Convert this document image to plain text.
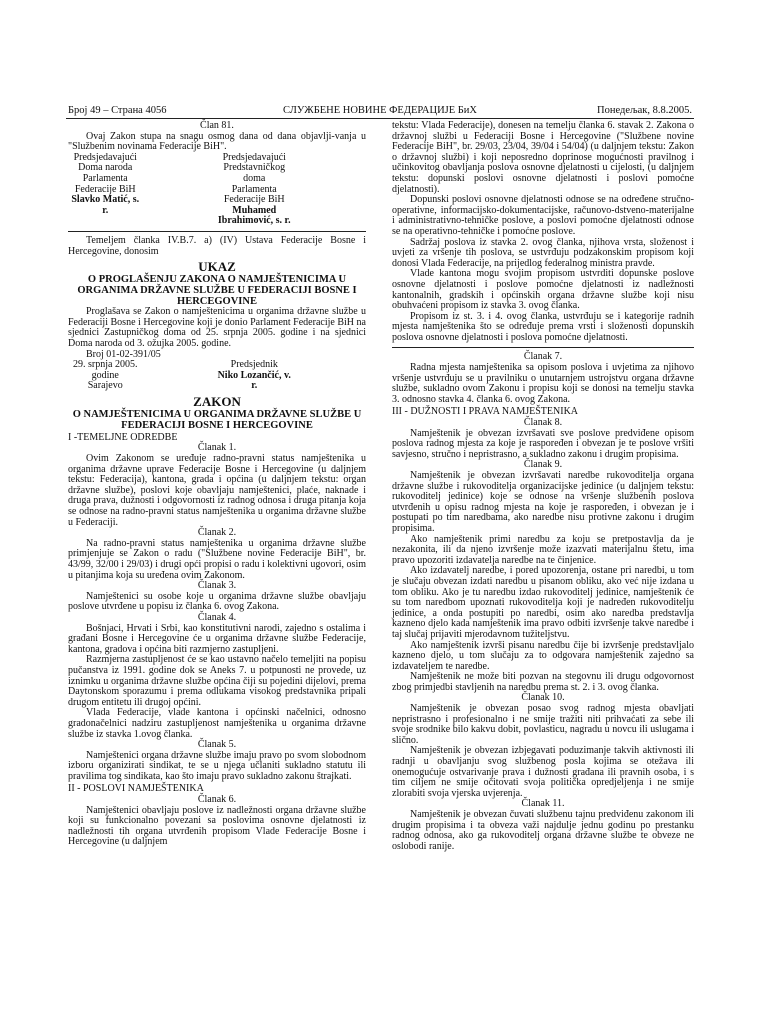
Број 49 – Страна 4056	СЛУЖБЕНЕ НОВИНЕ ФЕДЕРАЦИЈЕ БиХ	Понедељак, 8.8.2005.
Član 81.

Ovaj Zakon stupa na snagu osmog dana od dana objavlji-vanja u "Službenim novinama Federacije BiH".

Predsjedavajući
Doma naroda
Parlamenta Federacije BiH
Slavko Matić, s. r.
Predsjedavajući
Predstavničkog doma
Parlamenta Federacije BiH
Muhamed Ibrahimović, s. r.

Temeljem članka IV.B.7. a) (IV) Ustava Federacije Bosne i Hercegovine, donosim

UKAZ
O PROGLAŠENJU ZAKONA O NAMJEŠTENICIMA U ORGANIMA DRŽAVNE SLUŽBE U FEDERACIJI BOSNE I HERCEGOVINE

Proglašava se Zakon o namještenicima u organima državne službe u Federaciji Bosne i Hercegovine koji je donio Parlament Federacije BiH na sjednici Zastupničkog doma od 25. srpnja 2005. godine i na sjednici Doma naroda od 3. ožujka 2005. godine.

Broj 01-02-391/05
29. srpnja 2005. godine
Sarajevo
Predsjednik
Niko Lozančić, v. r.
ZAKON
O NAMJEŠTENICIMA U ORGANIMA DRŽAVNE SLUŽBE U FEDERACIJI BOSNE I HERCEGOVINE
I -TEMELJNE ODREDBE
Članak 1.

Ovim Zakonom se uređuje radno-pravni status namještenika u organima državne uprave Federacije Bosne i Hercegovine (u daljnjem tekstu: Federacija), kantona, grada i općina (u daljnjem tekstu: organ državne službe), poslovi koje obavljaju namještenici, plaće, naknade i druga prava, dužnosti i odgovornosti iz radnog odnosa i druga pitanja koja se odnose na radno-pravni status namještenika u organima državne službe u Federaciji.

Članak 2.

Na radno-pravni status namještenika u organima državne službe primjenjuje se Zakon o radu ("Službene novine Federacije BiH", br. 43/99, 32/00 i 29/03) i drugi opći propisi o radu i kolektivni ugovori, osim u pitanjima koja su uređena ovim Zakonom.

Članak 3.

Namještenici su osobe koje u organima državne službe obavljaju poslove utvrđene u popisu iz članka 6. ovog Zakona.

Članak 4.

Bošnjaci, Hrvati i Srbi, kao konstitutivni narodi, zajedno s ostalima i građani Bosne i Hercegovine će u organima državne službe Federacije, kantona, gradova i općina biti razmjerno zastupljeni.

Razmjerna zastupljenost će se kao ustavno načelo temeljiti na popisu pučanstva iz 1991. godine dok se Aneks 7. u potpunosti ne provede, uz iznimku u organima državne službe općina čiji su pojedini dijelovi, prema Daytonskom sporazumu i prema odlukama visokog predstavnika pripali drugom entitetu ili drugoj općini.

Vlada Federacije, vlade kantona i općinski načelnici, odnosno gradonačelnici nadziru zastupljenost namještenika u organima državne službe iz stavka 1.ovog članka.

Članak 5.

Namještenici organa državne službe imaju pravo po svom slobodnom izboru organizirati sindikat, te se u njega učlaniti sukladno statutu ili pravilima tog sindikata, kao što imaju pravo sukladno zakonu štrajkati.

II - POSLOVI NAMJEŠTENIKA
Članak 6.

Namještenici obavljaju poslove iz nadležnosti organa državne službe koji su funkcionalno povezani sa poslovima osnovne djelatnosti iz nadležnosti tih organa utvrđenih propisom Vlade Federacije Bosne i Hercegovine (u daljnjem

tekstu: Vlada Federacije), donesen na temelju članka 6. stavak 2. Zakona o državnoj službi u Federaciji Bosne i Hercegovine ("Službene novine Federacije BiH", br. 29/03, 23/04, 39/04 i 54/04) (u daljnjem tekstu: Zakon o državnoj službi) i koji neposredno doprinose mogućnosti pravilnog i učinkovitog obavljanja poslova osnovne djelatnosti u cijelosti, (u daljnjem tekstu: dopunski poslovi osnovne djelatnosti i poslovi pomoćne djelatnosti).

Dopunski poslovi osnovne djelatnosti odnose se na određene stručno-operativne, informacijsko-dokumentacijske, računovo-dstveno-materijalne i administrativno-tehničke poslove, a poslovi pomoćne djelatnosti odnose se na operativno-tehničke i pomoćne poslove.

Sadržaj poslova iz stavka 2. ovog članka, njihova vrsta, složenost i uvjeti za vršenje tih poslova, se ustvrđuju podzakonskim propisom koji donosi Vlada Federacije, na prijedlog federalnog ministra pravde.

Vlade kantona mogu svojim propisom ustvrditi dopunske poslove osnovne djelatnosti i poslove pomoćne djelatnosti iz nadležnosti kantonalnih, gradskih i općinskih organa državne službe koji nisu obuhvaćeni propisom iz stavka 3. ovog članka.

Propisom iz st. 3. i 4. ovog članka, ustvrđuju se i kategorije radnih mjesta namještenika što se određuje prema vrsti i složenosti dopunskih poslova osnovne djelatnosti i poslova pomoćne djelatnosti.

Članak 7.

Radna mjesta namještenika sa opisom poslova i uvjetima za njihovo vršenje ustvrđuju se u pravilniku o unutarnjem ustrojstvu organa državne službe, sukladno ovom Zakonu i propisu koji se donosi na temelju stavka 3. odnosno stavka 4. članka 6. ovog Zakona.

III - DUŽNOSTI I PRAVA NAMJEŠTENIKA
Članak 8.

Namještenik je obvezan izvršavati sve poslove predviđene opisom poslova radnog mjesta za koje je raspoređen i obvezan je te poslove vršiti savjesno, stručno i nepristrasno, a sukladno zakonu i drugim propisima.

Članak 9.

Namještenik je obvezan izvršavati naredbe rukovoditelja organa državne službe i rukovoditelja organizacijske jedinice (u daljnjem tekstu: rukovoditelj jedinice) koje se odnose na vršenje službenih poslova utvrđenih u opisu radnog mjesta na koje je raspoređen, i obvezan je i postupati po tim naredbama, ako naredbe nisu protivne zakonu i drugim propisima.

Ako namještenik primi naredbu za koju se pretpostavlja da je nezakonita, ili da njeno izvršenje može izazvati materijalnu štetu, ima pravo upozoriti izdavatelja naredbe na te činjenice.

Ako izdavatelj naredbe, i pored upozorenja, ostane pri naredbi, u tom je slučaju obvezan izdati naredbu u pisanom obliku, ako već nije izdana u tom obliku. Ako je tu naredbu izdao rukovoditelj jedinice, namještenik će su tom naredbom upoznati rukovoditelja koji je nadređen rukovoditelju jedinice, a onda postupiti po naredbi, osim ako naredba predstavlja kazneno djelo kada namještenik ima pravo odbiti izvršenje takve naredbe i taj slučaj prijaviti mjerodavnom tužiteljstvu.

Ako namještenik izvrši pisanu naredbu čije bi izvršenje predstavljalo kazneno djelo, u tom slučaju za to odgovara namještenik zajedno sa izdavateljem te naredbe.

Namještenik ne može biti pozvan na stegovnu ili drugu odgovornost zbog primjedbi stavljenih na naredbu prema st. 2. i 3. ovog članka.

Članak 10.

Namještenik je obvezan posao svog radnog mjesta obavljati nepristrasno i profesionalno i ne smije tražiti niti prihvaćati za sebe ili svoje srodnike bilo kakvu dobit, povlasticu, nagradu u novcu ili uslugama i slično.

Namještenik je obvezan izbjegavati poduzimanje takvih aktivnosti ili radnji u obavljanju svog službenog posla kojima se otežava ili onemogućuje ostvarivanje prava i dužnosti građana ili pravnih osoba, i s tim ciljem ne smije očitovati svoja politička opredjeljenja i ne smije zlorabiti svoja vjerska uvjerenja.

Članak 11.

Namještenik je obvezan čuvati službenu tajnu predviđenu zakonom ili drugim propisima i ta obveza važi najdulje jednu godinu po prestanku radnog odnosa, ako ga rukovoditelj organa državne službe te obveze ne oslobodi ranije.
